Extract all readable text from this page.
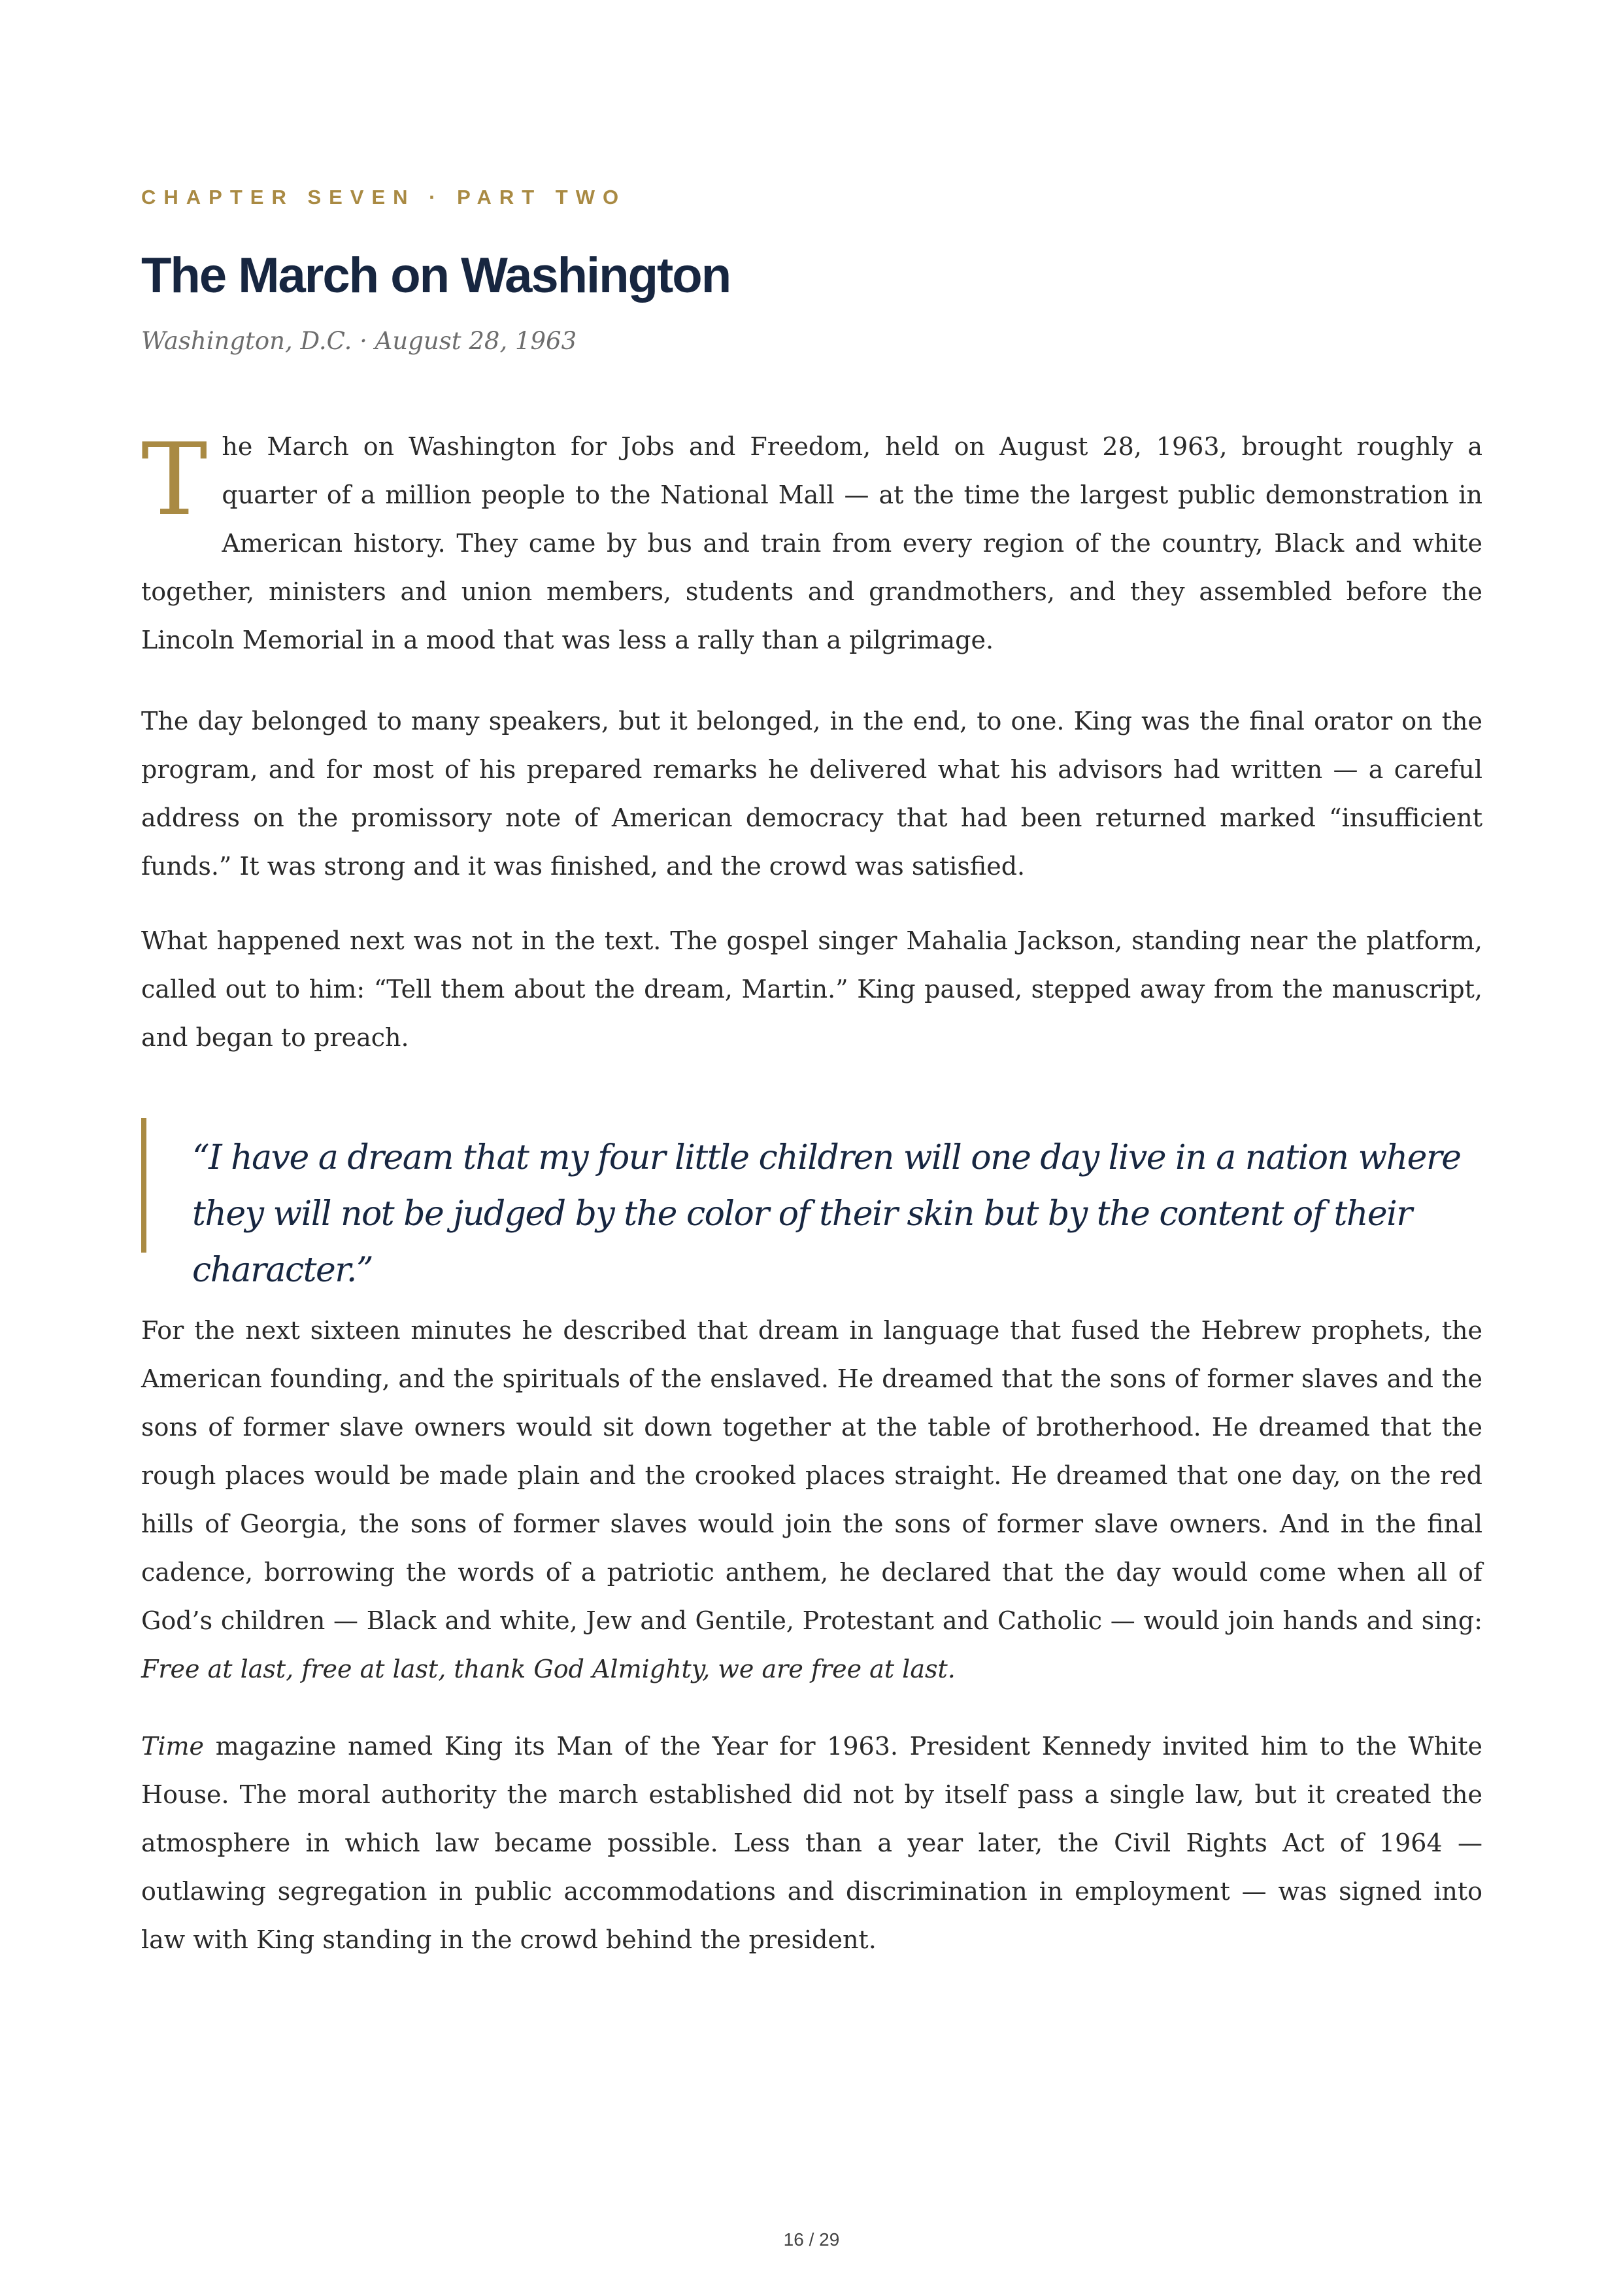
CHAPTER SEVEN · PART TWO
The March on Washington
Washington, D.C. · August 28, 1963

The March on Washington for Jobs and Freedom, held on August 28, 1963, brought roughly a quarter of a million people to the National Mall — at the time the largest public demonstration in American history. They came by bus and train from every region of the country, Black and white together, ministers and union members, students and grandmothers, and they assembled before the Lincoln Memorial in a mood that was less a rally than a pilgrimage.

The day belonged to many speakers, but it belonged, in the end, to one. King was the final orator on the program, and for most of his prepared remarks he delivered what his advisors had written — a careful address on the promissory note of American democracy that had been returned marked “insufficient funds.” It was strong and it was finished, and the crowd was satisfied.

What happened next was not in the text. The gospel singer Mahalia Jackson, standing near the platform, called out to him: “Tell them about the dream, Martin.” King paused, stepped away from the manuscript, and began to preach.

“I have a dream that my four little children will one day live in a nation where they will not be judged by the color of their skin but by the content of their character.”

For the next sixteen minutes he described that dream in language that fused the Hebrew prophets, the American founding, and the spirituals of the enslaved. He dreamed that the sons of former slaves and the sons of former slave owners would sit down together at the table of brotherhood. He dreamed that the rough places would be made plain and the crooked places straight. He dreamed that one day, on the red hills of Georgia, the sons of former slaves would join the sons of former slave owners. And in the final cadence, borrowing the words of a patriotic anthem, he declared that the day would come when all of God’s children — Black and white, Jew and Gentile, Protestant and Catholic — would join hands and sing: Free at last, free at last, thank God Almighty, we are free at last.

Time magazine named King its Man of the Year for 1963. President Kennedy invited him to the White House. The moral authority the march established did not by itself pass a single law, but it created the atmosphere in which law became possible. Less than a year later, the Civil Rights Act of 1964 — outlawing segregation in public accommodations and discrimination in employment — was signed into law with King standing in the crowd behind the president.

16 / 29
